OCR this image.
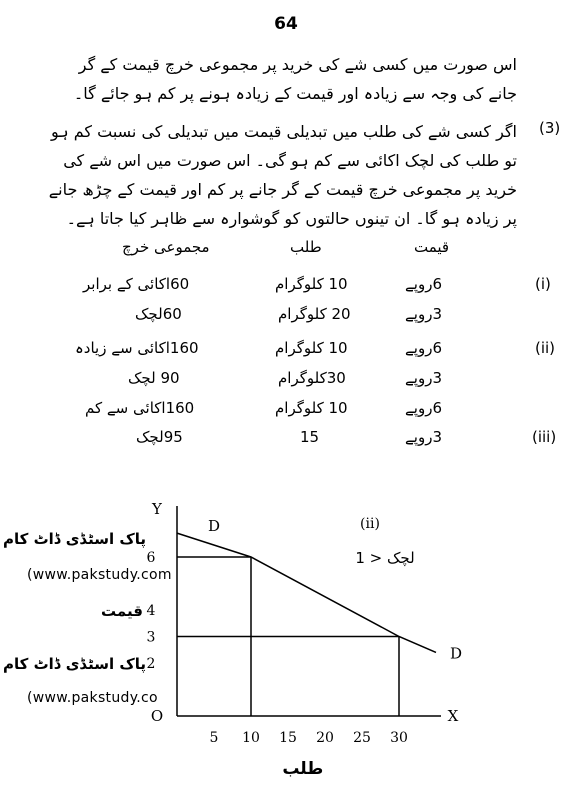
64
اس صورت میں کسی شے کی خرید پر مجموعی خرچ قیمت کے گر جانے کی وجہ سے زیادہ اور قیمت کے زیادہ ہونے پر کم ہو جائے گا۔
(3)
اگر کسی شے کی طلب میں تبدیلی قیمت میں تبدیلی کی نسبت کم ہو تو طلب کی لچک اکائی سے کم ہو گی۔ اس صورت میں اس شے کی خرید پر مجموعی خرچ قیمت کے گر جانے پر کم اور قیمت کے چڑھ جانے پر زیادہ ہو گا۔ ان تینوں حالتوں کو گوشوارہ سے ظاہر کیا جاتا ہے۔
قیمت
طلب
مجموعی خرچ
(i)
6روپے
10 کلوگرام
60اکائی کے برابر
3روپے
20 کلوگرام
60لچک
(ii)
6روپے
10 کلوگرام
160اکائی سے زیادہ
3روپے
30کلوگرام
90 لچک
6روپے
10 کلوگرام
160اکائی سے کم
(iii)
3روپے
15
95لچک
Y
X
O
D
D
5 10 15 20 25 30
2
3
4
6
(ii)
لچک < 1
قیمت
طلب
پاک اسٹڈی ڈاٹ کام
(www.pakstudy.com
پاک اسٹڈی ڈاٹ کام
(www.pakstudy.co
